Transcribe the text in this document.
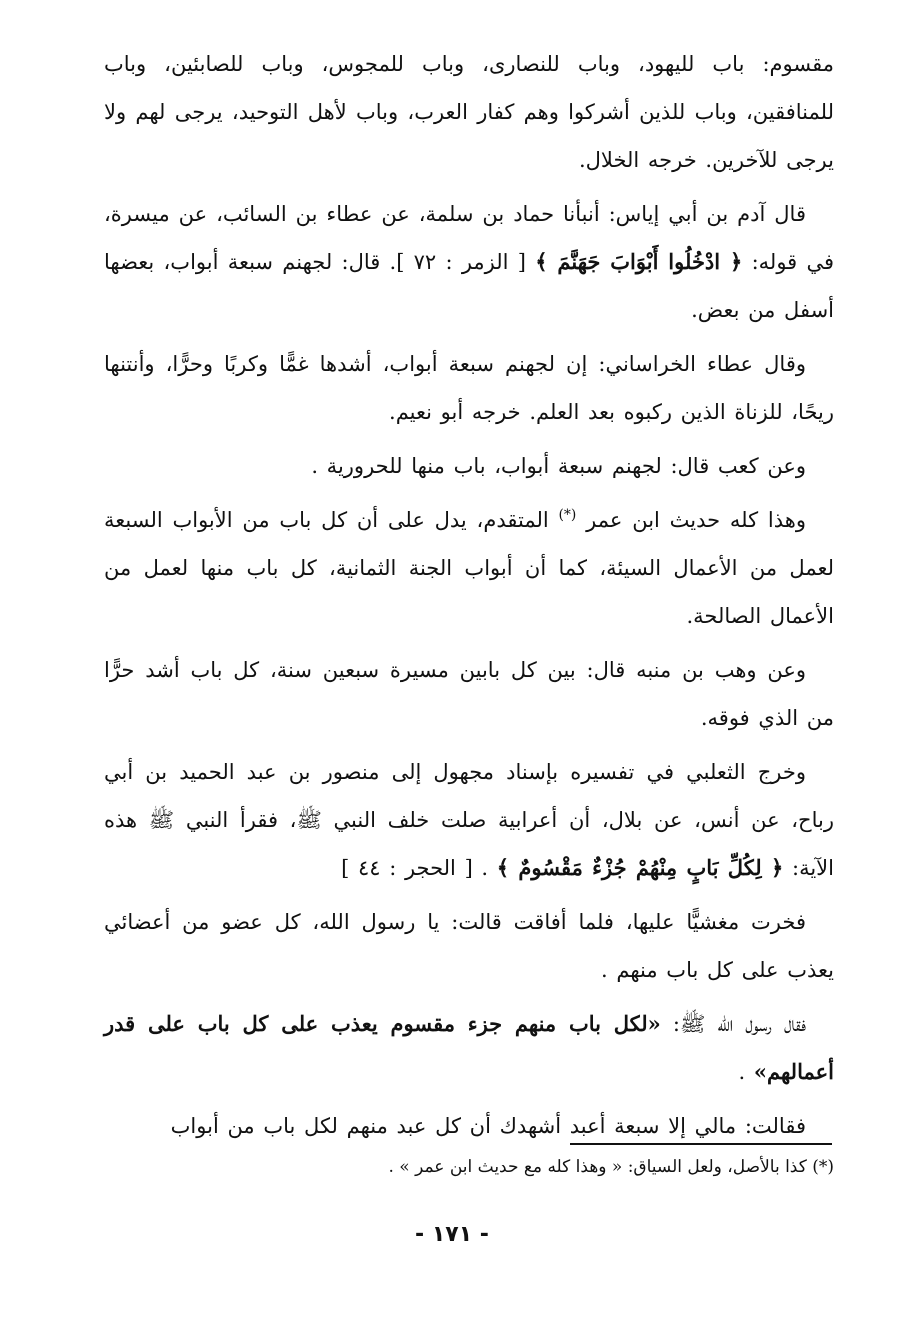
مقسوم: باب لليهود، وباب للنصارى، وباب للمجوس، وباب للصابئين، وباب للمنافقين، وباب للذين أشركوا وهم كفار العرب، وباب لأهل التوحيد، يرجى لهم ولا يرجى للآخرين. خرجه الخلال.

قال آدم بن أبي إياس: أنبأنا حماد بن سلمة، عن عطاء بن السائب، عن ميسرة، في قوله: ﴿ ادْخُلُوا أَبْوَابَ جَهَنَّمَ ﴾ [ الزمر : ٧٢ ]. قال: لجهنم سبعة أبواب، بعضها أسفل من بعض.

وقال عطاء الخراساني: إن لجهنم سبعة أبواب، أشدها غمًّا وكربًا وحرًّا، وأنتنها ريحًا، للزناة الذين ركبوه بعد العلم. خرجه أبو نعيم.

وعن كعب قال: لجهنم سبعة أبواب، باب منها للحرورية .

وهذا كله حديث ابن عمر (*) المتقدم، يدل على أن كل باب من الأبواب السبعة لعمل من الأعمال السيئة، كما أن أبواب الجنة الثمانية، كل باب منها لعمل من الأعمال الصالحة.

وعن وهب بن منبه قال: بين كل بابين مسيرة سبعين سنة، كل باب أشد حرًّا من الذي فوقه.

وخرج الثعلبي في تفسيره بإسناد مجهول إلى منصور بن عبد الحميد بن أبي رباح، عن أنس، عن بلال، أن أعرابية صلت خلف النبي ﷺ، فقرأ النبي ﷺ هذه الآية: ﴿ لِكُلِّ بَابٍ مِنْهُمْ جُزْءٌ مَقْسُومٌ ﴾ . [ الحجر : ٤٤ ]

فخرت مغشيًّا عليها، فلما أفاقت قالت: يا رسول الله، كل عضو من أعضائي يعذب على كل باب منهم .

فقال رسول الله ﷺ: «لكل باب منهم جزء مقسوم يعذب على كل باب على قدر أعمالهم» .

فقالت: مالي إلا سبعة أعبد أشهدك أن كل عبد منهم لكل باب من أبواب

(*) كذا بالأصل، ولعل السياق: « وهذا كله مع حديث ابن عمر » .
- ١٧١ -
